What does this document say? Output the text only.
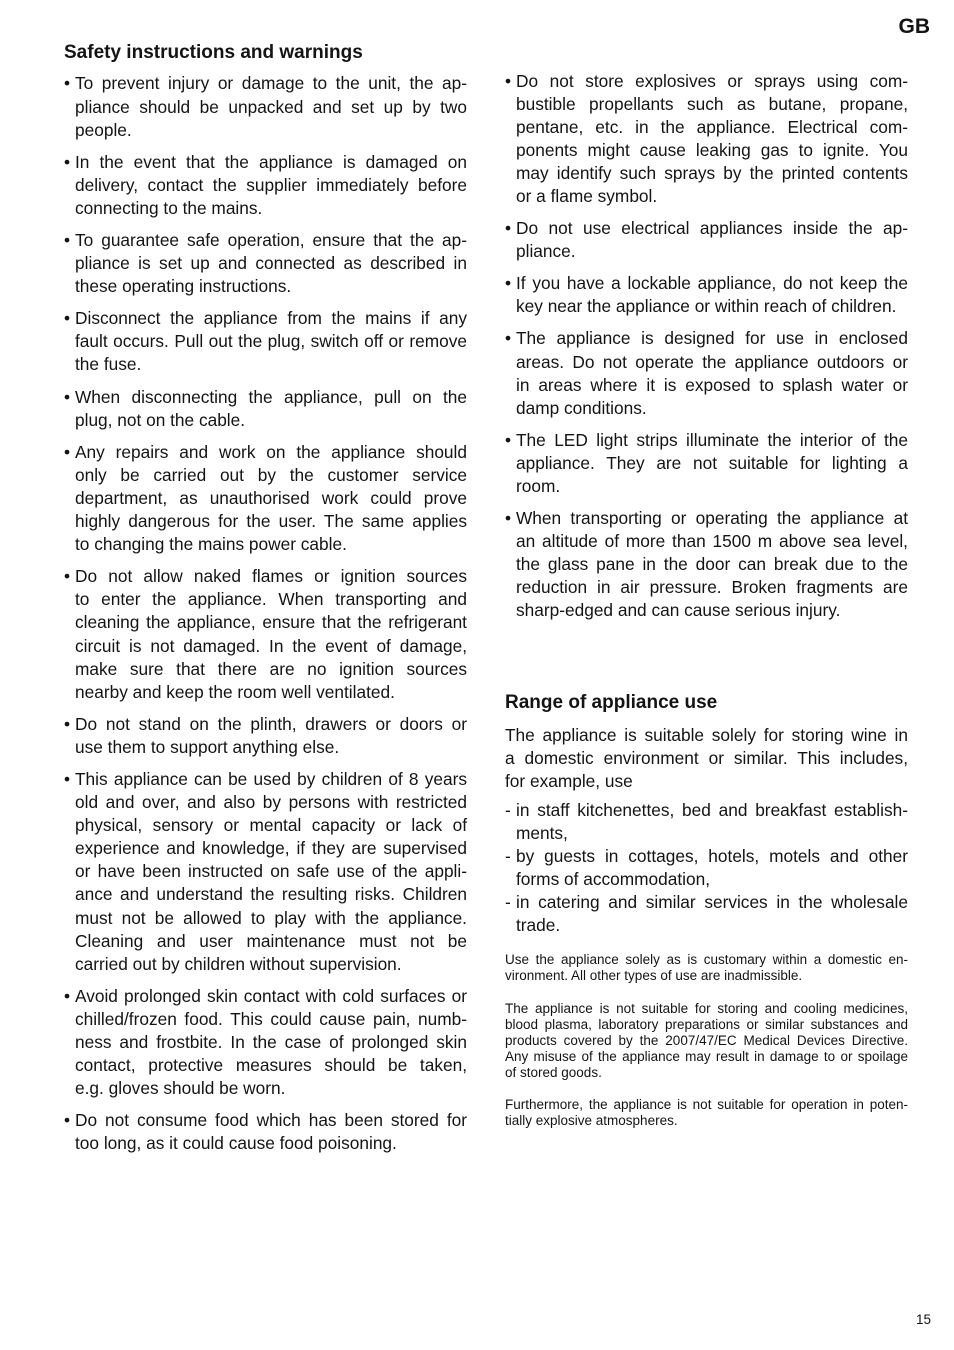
GB
Safety instructions and warnings
• To prevent injury or damage to the unit, the ap-
pliance should be unpacked and set up by two
people.
• In the event that the appliance is damaged on
delivery, contact the supplier immediately before
connecting to the mains.
• To guarantee safe operation, ensure that the ap-
pliance is set up and connected as described in
these operating instructions.
• Disconnect the appliance from the mains if any
fault occurs. Pull out the plug, switch off or remove
the fuse.
• When disconnecting the appliance, pull on the
plug, not on the cable.
• Any repairs and work on the appliance should
only be carried out by the customer service
department, as unauthorised work could prove
highly dangerous for the user. The same applies
to changing the mains power cable.
• Do not allow naked flames or ignition sources
to enter the appliance. When transporting and
cleaning the appliance, ensure that the refrigerant
circuit is not damaged. In the event of damage,
make sure that there are no ignition sources
nearby and keep the room well ventilated.
• Do not stand on the plinth, drawers or doors or
use them to support anything else.
• This appliance can be used by children of 8 years
old and over, and also by persons with restricted
physical, sensory or mental capacity or lack of
experience and knowledge, if they are supervised
or have been instructed on safe use of the appli-
ance and understand the resulting risks. Children
must not be allowed to play with the appliance.
Cleaning and user maintenance must not be
carried out by children without supervision.
• Avoid prolonged skin contact with cold surfaces or
chilled/frozen food. This could cause pain, numb-
ness and frostbite. In the case of prolonged skin
contact, protective measures should be taken,
e.g. gloves should be worn.
• Do not consume food which has been stored for
too long, as it could cause food poisoning.
• Do not store explosives or sprays using com-
bustible propellants such as butane, propane,
pentane, etc. in the appliance. Electrical com-
ponents might cause leaking gas to ignite. You
may identify such sprays by the printed contents
or a flame symbol.
• Do not use electrical appliances inside the ap-
pliance.
• If you have a lockable appliance, do not keep the
key near the appliance or within reach of children.
• The appliance is designed for use in enclosed
areas. Do not operate the appliance outdoors or
in areas where it is exposed to splash water or
damp conditions.
• The LED light strips illuminate the interior of the
appliance. They are not suitable for lighting a
room.
• When transporting or operating the appliance at
an altitude of more than 1500 m above sea level,
the glass pane in the door can break due to the
reduction in air pressure. Broken fragments are
sharp-edged and can cause serious injury.
Range of appliance use
The appliance is suitable solely for storing wine in
a domestic environment or similar. This includes,
for example, use
- in staff kitchenettes, bed and breakfast establish-
ments,
- by guests in cottages, hotels, motels and other
forms of accommodation,
- in catering and similar services in the wholesale
trade.
Use the appliance solely as is customary within a domestic en-
vironment. All other types of use are inadmissible.
The appliance is not suitable for storing and cooling medicines,
blood plasma, laboratory preparations or similar substances and
products covered by the 2007/47/EC Medical Devices Directive.
Any misuse of the appliance may result in damage to or spoilage
of stored goods.
Furthermore, the appliance is not suitable for operation in poten-
tially explosive atmospheres.
15
